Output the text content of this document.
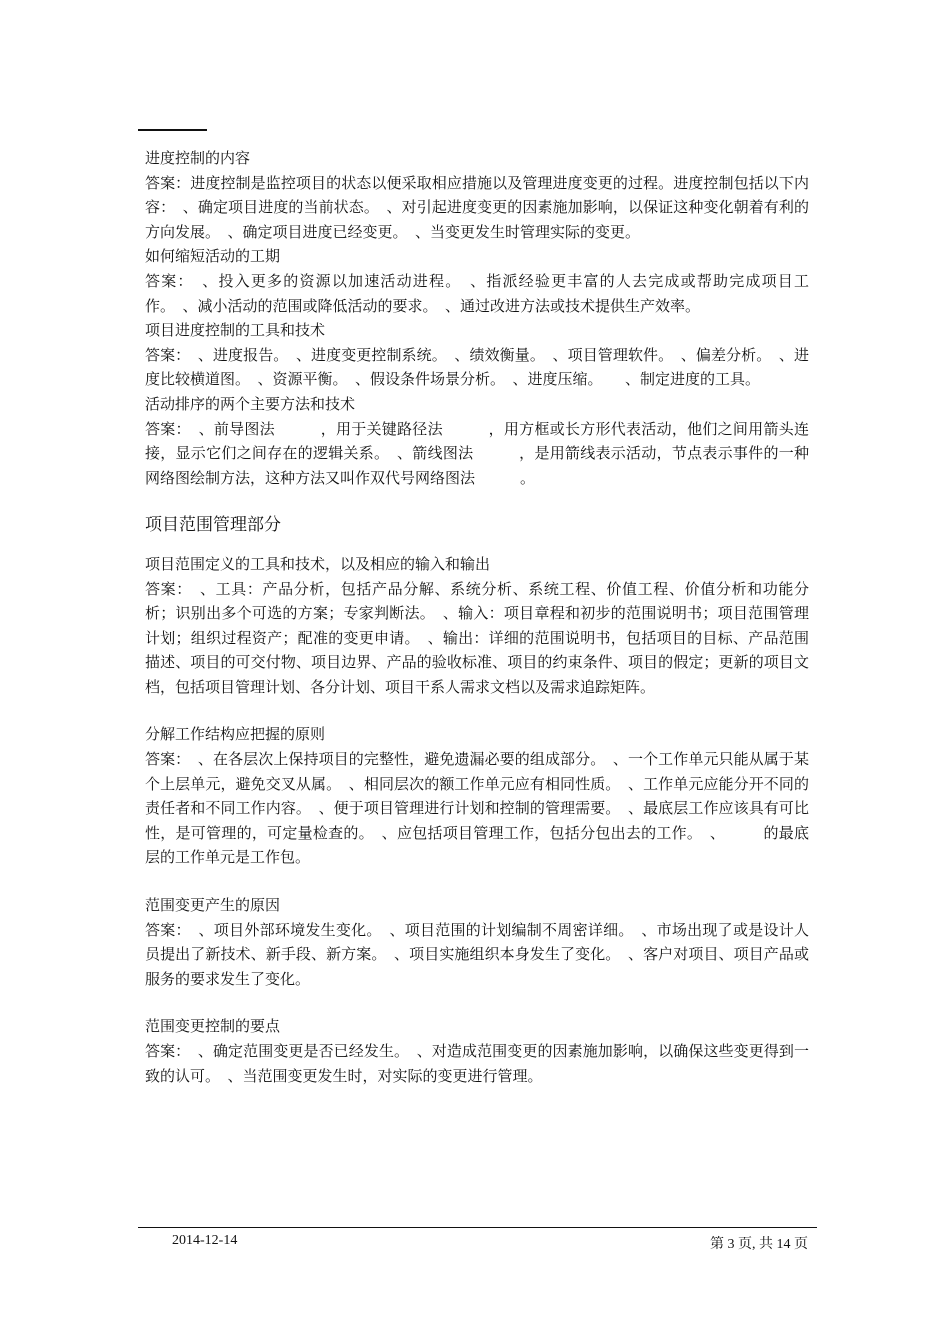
进度控制的内容

答案：进度控制是监控项目的状态以便采取相应措施以及管理进度变更的过程。进度控制包括以下内容：　、确定项目进度的当前状态。　、对引起进度变更的因素施加影响，以保证这种变化朝着有利的方向发展。　、确定项目进度已经变更。　、当变更发生时管理实际的变更。

如何缩短活动的工期

答案：　、投入更多的资源以加速活动进程。　、指派经验更丰富的人去完成或帮助完成项目工作。　、减小活动的范围或降低活动的要求。　、通过改进方法或技术提供生产效率。

项目进度控制的工具和技术

答案：　、进度报告。　、进度变更控制系统。　、绩效衡量。　、项目管理软件。　、偏差分析。　、进度比较横道图。　、资源平衡。　、假设条件场景分析。　、进度压缩。　　、制定进度的工具。

活动排序的两个主要方法和技术

答案：　、前导图法　　　，用于关键路径法　　　，用方框或长方形代表活动，他们之间用箭头连接，显示它们之间存在的逻辑关系。　、箭线图法　　　，是用箭线表示活动，节点表示事件的一种网络图绘制方法，这种方法又叫作双代号网络图法　　　。

项目范围管理部分

项目范围定义的工具和技术，以及相应的输入和输出

答案：　、工具：产品分析，包括产品分解、系统分析、系统工程、价值工程、价值分析和功能分析；识别出多个可选的方案；专家判断法。　、输入：项目章程和初步的范围说明书；项目范围管理计划；组织过程资产；配准的变更申请。　、输出：详细的范围说明书，包括项目的目标、产品范围描述、项目的可交付物、项目边界、产品的验收标准、项目的约束条件、项目的假定；更新的项目文档，包括项目管理计划、各分计划、项目干系人需求文档以及需求追踪矩阵。

分解工作结构应把握的原则

答案：　、在各层次上保持项目的完整性，避免遗漏必要的组成部分。　、一个工作单元只能从属于某个上层单元，避免交叉从属。　、相同层次的额工作单元应有相同性质。　、工作单元应能分开不同的责任者和不同工作内容。　、便于项目管理进行计划和控制的管理需要。　、最底层工作应该具有可比性，是可管理的，可定量检查的。　、应包括项目管理工作，包括分包出去的工作。　、　　　的最底层的工作单元是工作包。

范围变更产生的原因

答案：　、项目外部环境发生变化。　、项目范围的计划编制不周密详细。　、市场出现了或是设计人员提出了新技术、新手段、新方案。　、项目实施组织本身发生了变化。　、客户对项目、项目产品或服务的要求发生了变化。

范围变更控制的要点

答案：　、确定范围变更是否已经发生。　、对造成范围变更的因素施加影响，以确保这些变更得到一致的认可。　、当范围变更发生时，对实际的变更进行管理。

2014-12-14	第 3 页, 共 14 页
